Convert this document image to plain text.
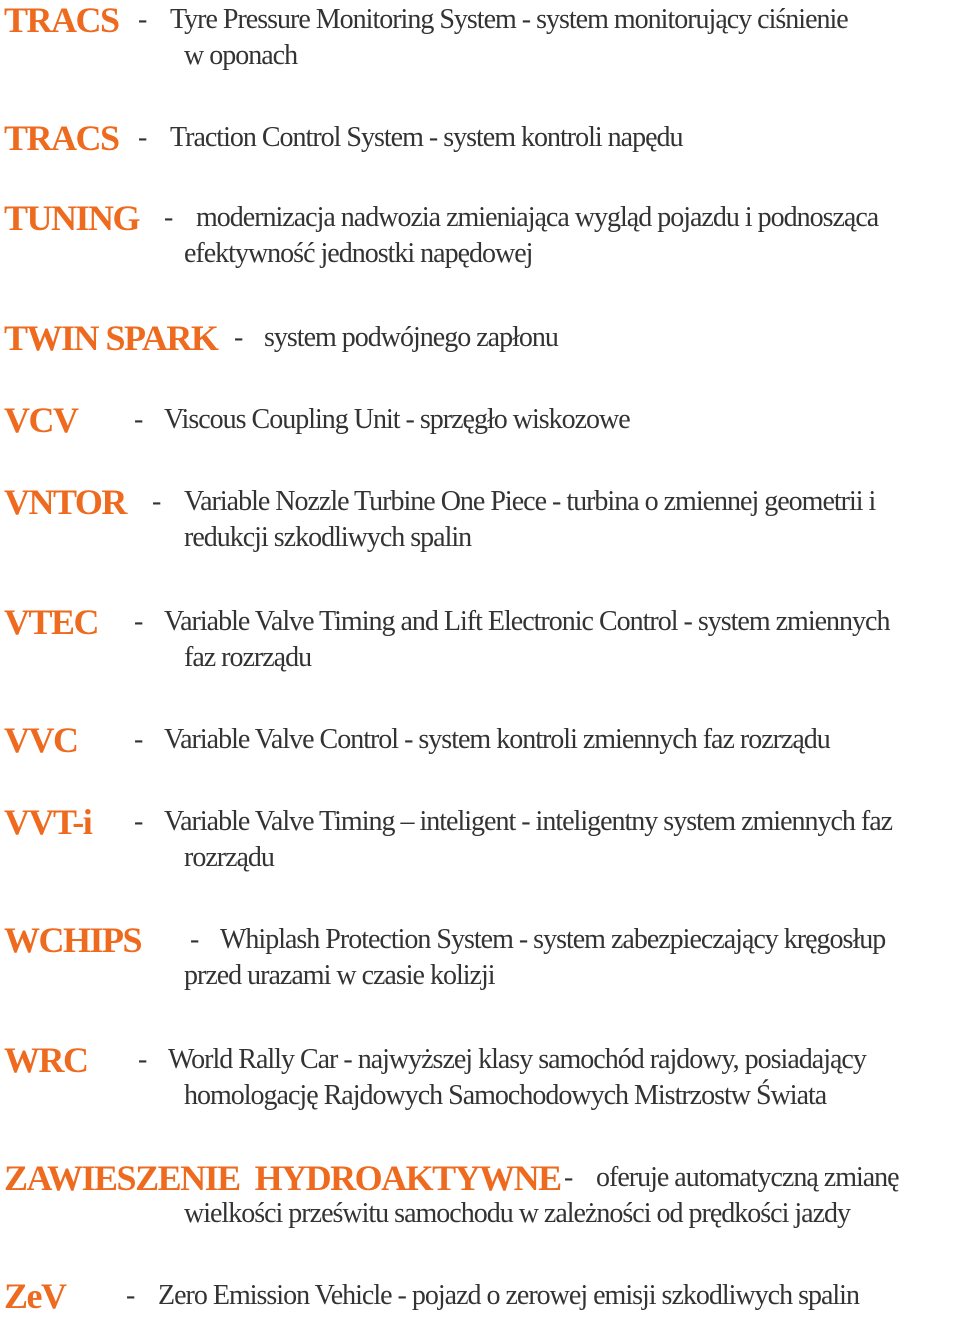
TRACS - Tyre Pressure Monitoring System - system monitorujący ciśnienie
w oponach
TRACS - Traction Control System - system kontroli napędu
TUNING - modernizacja nadwozia zmieniająca wygląd pojazdu i podnosząca
efektywność jednostki napędowej
TWIN SPARK - system podwójnego zapłonu
VCV - Viscous Coupling Unit - sprzęgło wiskozowe
VNTOR - Variable Nozzle Turbine One Piece - turbina o zmiennej geometrii i
redukcji szkodliwych spalin
VTEC - Variable Valve Timing and Lift Electronic Control - system zmiennych
faz rozrządu
VVC - Variable Valve Control - system kontroli zmiennych faz rozrządu
VVT-i - Variable Valve Timing – inteligent - inteligentny system zmiennych faz
rozrządu
WCHIPS - Whiplash Protection System - system zabezpieczający kręgosłup
przed urazami w czasie kolizji
WRC - World Rally Car - najwyższej klasy samochód rajdowy, posiadający
homologację Rajdowych Samochodowych Mistrzostw Świata
ZAWIESZENIE  HYDROAKTYWNE - oferuje automatyczną zmianę
wielkości prześwitu samochodu w zależności od prędkości jazdy
ZeV - Zero Emission Vehicle - pojazd o zerowej emisji szkodliwych spalin
